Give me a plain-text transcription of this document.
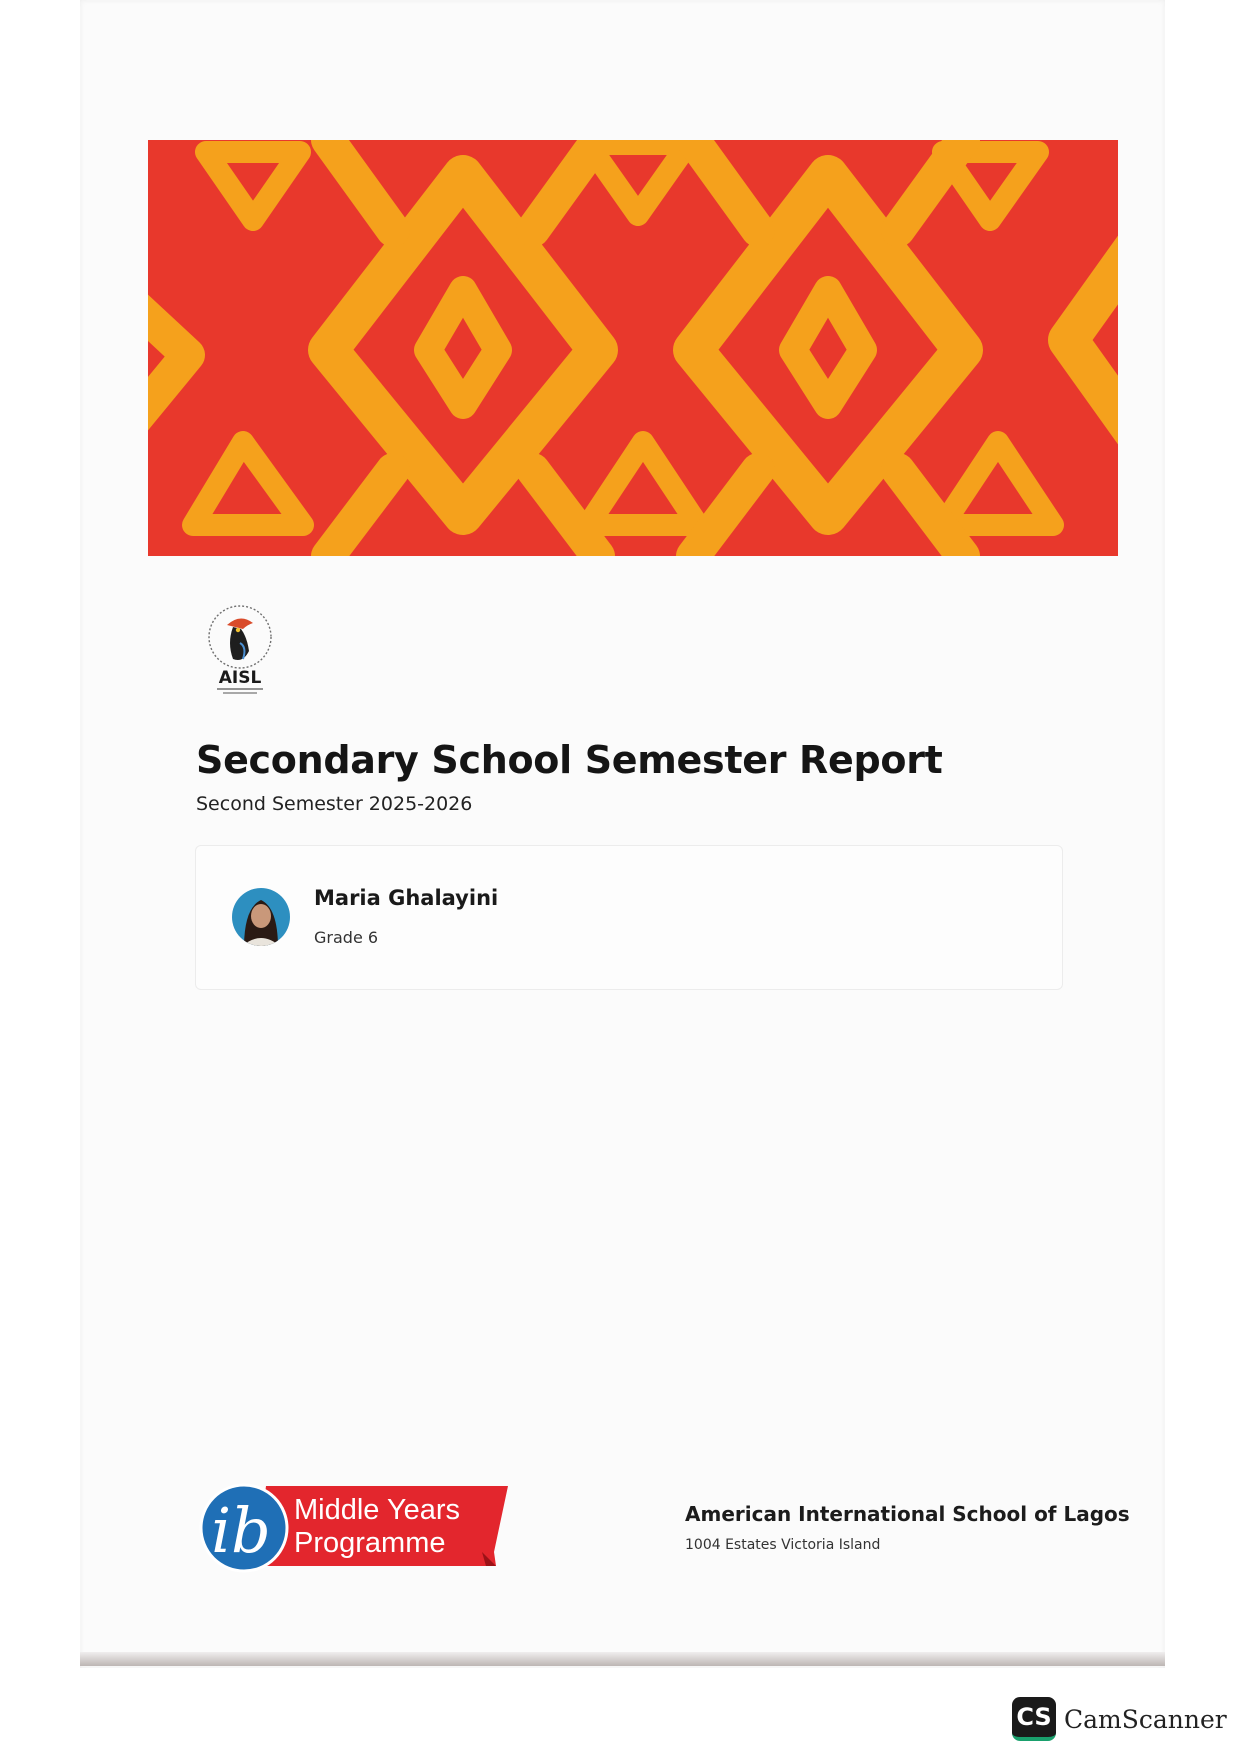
AISL
Secondary School Semester Report
Second Semester 2025-2026
Maria Ghalayini
Grade 6
ib Middle Years
Programme
American International School of Lagos
1004 Estates Victoria Island
CS CamScanner
